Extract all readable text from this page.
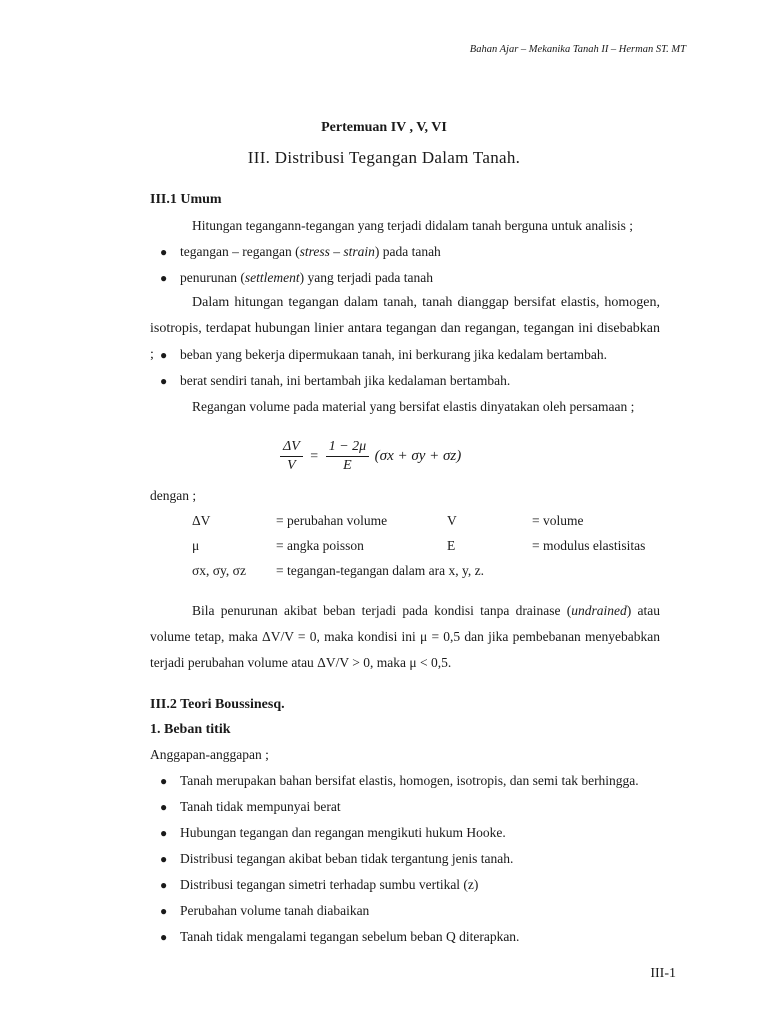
Bahan Ajar – Mekanika Tanah II – Herman ST. MT
Pertemuan IV , V, VI
III. Distribusi Tegangan Dalam Tanah.
III.1 Umum
Hitungan tegangann-tegangan yang terjadi didalam tanah berguna untuk analisis ;
● tegangan – regangan (stress – strain) pada tanah
● penurunan (settlement) yang terjadi pada tanah
Dalam hitungan tegangan dalam tanah, tanah dianggap bersifat elastis, homogen, isotropis, terdapat hubungan linier antara tegangan dan regangan, tegangan ini disebabkan ; ● beban yang bekerja dipermukaan tanah, ini berkurang jika kedalam bertambah.
● berat sendiri tanah, ini bertambah jika kedalaman bertambah.
Regangan volume pada material yang bersifat elastis dinyatakan oleh persamaan ;
$\frac{\Delta V}{V} = \frac{1 - 2\mu}{E} (\sigma x + \sigma y + \sigma z)$
dengan ;
ΔV	= perubahan volume	V	= volume
μ	= angka poisson	E	= modulus elastisitas
σx, σy, σz = tegangan-tegangan dalam ara x, y, z.
Bila penurunan akibat beban terjadi pada kondisi tanpa drainase (undrained) atau volume tetap, maka ΔV/V = 0, maka kondisi ini μ = 0,5 dan jika pembebanan menyebabkan terjadi perubahan volume atau ΔV/V > 0, maka μ < 0,5.
III.2 Teori Boussinesq.
1. Beban titik
Anggapan-anggapan ;
● Tanah merupakan bahan bersifat elastis, homogen, isotropis, dan semi tak berhingga.
● Tanah tidak mempunyai berat
● Hubungan tegangan dan regangan mengikuti hukum Hooke.
● Distribusi tegangan akibat beban tidak tergantung jenis tanah.
● Distribusi tegangan simetri terhadap sumbu vertikal (z)
● Perubahan volume tanah diabaikan
● Tanah tidak mengalami tegangan sebelum beban Q diterapkan.
III-1
